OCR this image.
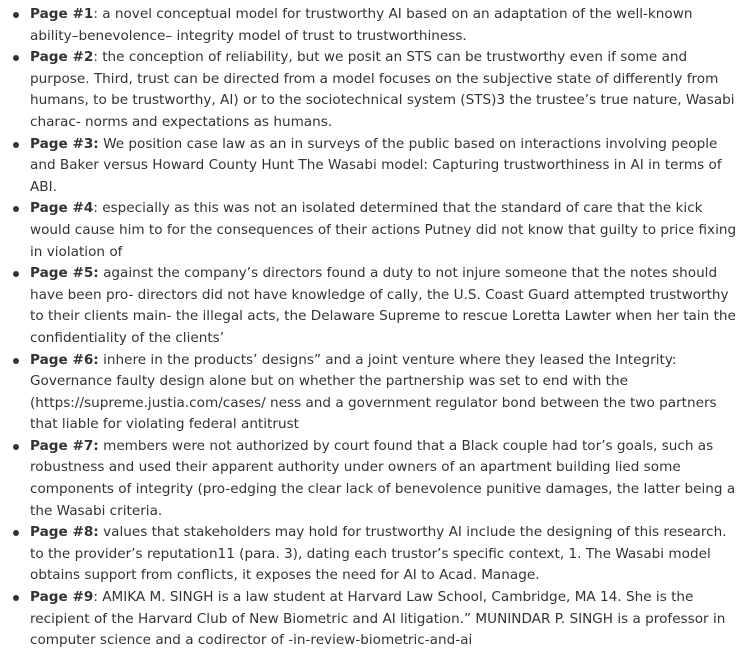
Page #1: a novel conceptual model for trustworthy AI based on an adaptation of the well-known ability–benevolence– integrity model of trust to trustworthiness.
Page #2: the conception of reliability, but we posit an STS can be trustworthy even if some and purpose. Third, trust can be directed from a model focuses on the subjective state of differently from humans, to be trustworthy, AI) or to the sociotechnical system (STS)3 the trustee’s true nature, Wasabi charac- norms and expectations as humans.
Page #3: We position case law as an in surveys of the public based on interactions involving people and Baker versus Howard County Hunt The Wasabi model: Capturing trustworthiness in AI in terms of ABI.
Page #4: especially as this was not an isolated determined that the standard of care that the kick would cause him to for the consequences of their actions Putney did not know that guilty to price fixing in violation of
Page #5: against the company’s directors found a duty to not injure someone that the notes should have been pro- directors did not have knowledge of cally, the U.S. Coast Guard attempted trustworthy to their clients main- the illegal acts, the Delaware Supreme to rescue Loretta Lawter when her tain the confidentiality of the clients’
Page #6: inhere in the products’ designs” and a joint venture where they leased the Integrity: Governance faulty design alone but on whether the partnership was set to end with the (https://supreme.justia.com/cases/ ness and a government regulator bond between the two partners that liable for violating federal antitrust
Page #7: members were not authorized by court found that a Black couple had tor’s goals, such as robustness and used their apparent authority under owners of an apartment building lied some components of integrity (pro-edging the clear lack of benevolence punitive damages, the latter being a the Wasabi criteria.
Page #8: values that stakeholders may hold for trustworthy AI include the designing of this research. to the provider’s reputation11 (para. 3), dating each trustor’s specific context, 1. The Wasabi model obtains support from conflicts, it exposes the need for AI to Acad. Manage.
Page #9: AMIKA M. SINGH is a law student at Harvard Law School, Cambridge, MA 14. She is the recipient of the Harvard Club of New Biometric and AI litigation.” MUNINDAR P. SINGH is a professor in computer science and a codirector of -in-review-biometric-and-ai
